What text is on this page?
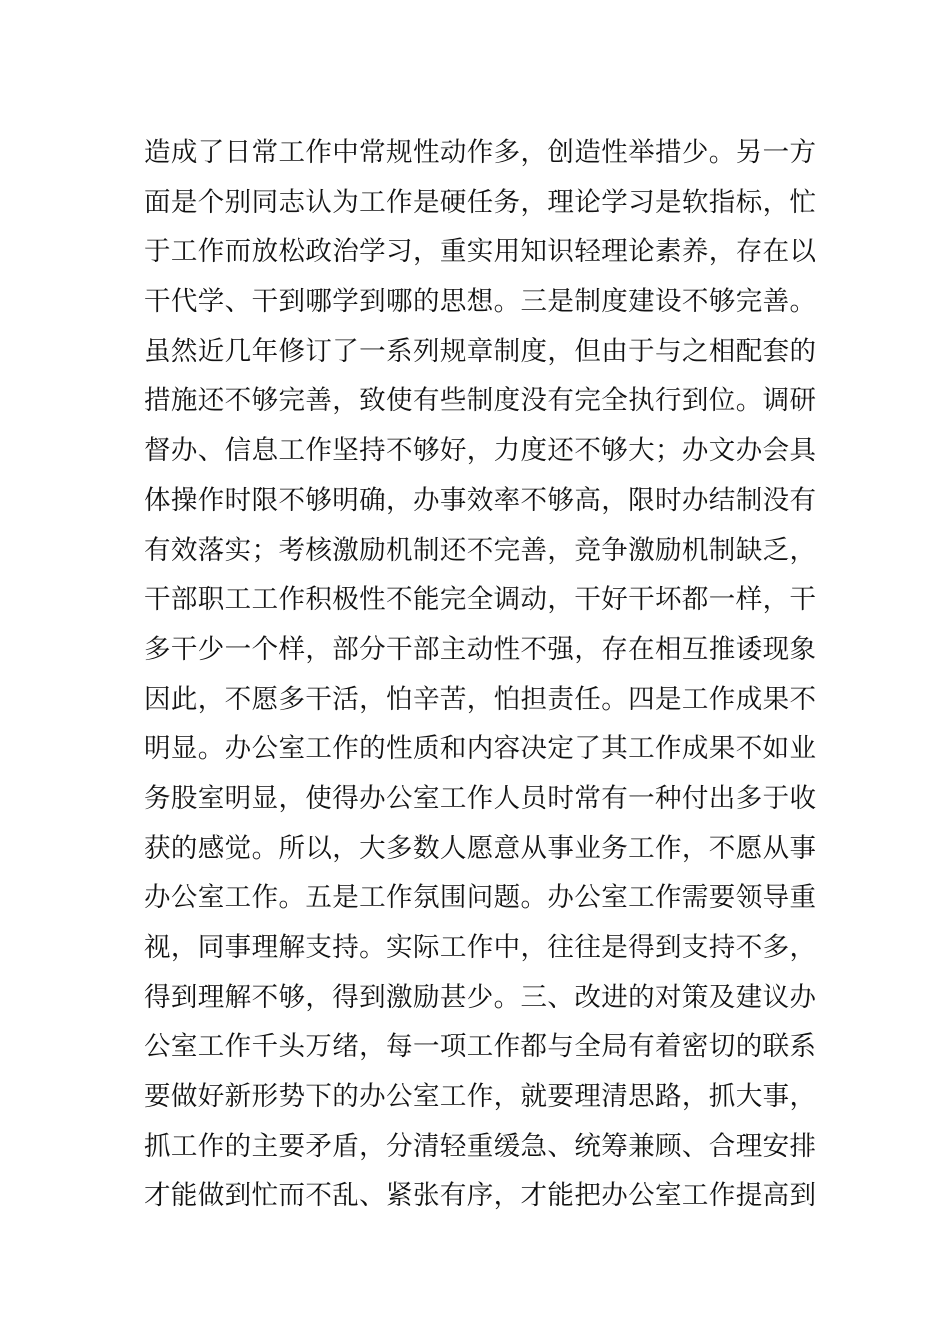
造成了日常工作中常规性动作多，创造性举措少。另一方
面是个别同志认为工作是硬任务，理论学习是软指标，忙
于工作而放松政治学习，重实用知识轻理论素养，存在以
干代学、干到哪学到哪的思想。三是制度建设不够完善。
虽然近几年修订了一系列规章制度，但由于与之相配套的
措施还不够完善，致使有些制度没有完全执行到位。调研
督办、信息工作坚持不够好，力度还不够大；办文办会具
体操作时限不够明确，办事效率不够高，限时办结制没有
有效落实；考核激励机制还不完善，竞争激励机制缺乏，
干部职工工作积极性不能完全调动，干好干坏都一样，干
多干少一个样，部分干部主动性不强，存在相互推诿现象
因此，不愿多干活，怕辛苦，怕担责任。四是工作成果不
明显。办公室工作的性质和内容决定了其工作成果不如业
务股室明显，使得办公室工作人员时常有一种付出多于收
获的感觉。所以，大多数人愿意从事业务工作，不愿从事
办公室工作。五是工作氛围问题。办公室工作需要领导重
视，同事理解支持。实际工作中，往往是得到支持不多，
得到理解不够，得到激励甚少。三、改进的对策及建议办
公室工作千头万绪，每一项工作都与全局有着密切的联系
要做好新形势下的办公室工作，就要理清思路，抓大事，
抓工作的主要矛盾，分清轻重缓急、统筹兼顾、合理安排
才能做到忙而不乱、紧张有序，才能把办公室工作提高到
